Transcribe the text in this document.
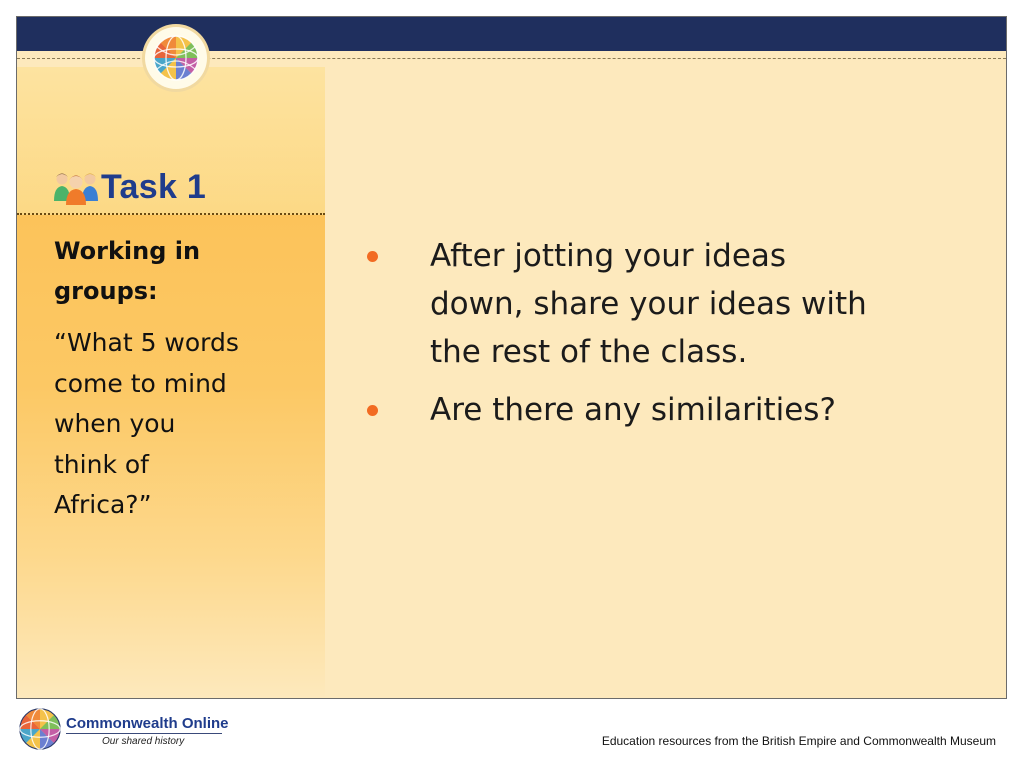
Task 1
Working in
groups:
“What 5 words
come to mind
when you
think of
Africa?”
After jotting your ideas
down, share your ideas with
the rest of the class.
Are there any similarities?
Commonwealth Online
Our shared history	Education resources from the British Empire and Commonwealth Museum
